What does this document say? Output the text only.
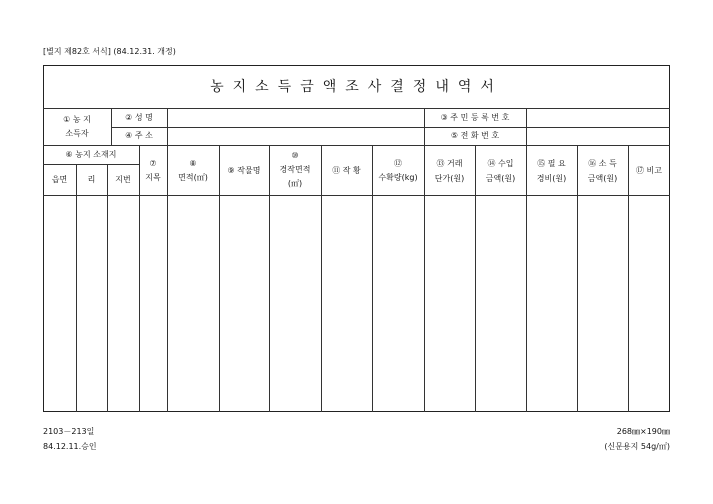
[별지 제82호 서식] (84.12.31. 개정)
농지소득금액조사결정내역서
① 농 지
소득자
② 성 명
④ 주 소
③ 주 민 등 록 번 호
⑤ 전 화 번 호
⑥ 농지 소재지
읍면	리	지번
⑦
지목
⑧
면적(㎡)
⑨ 작물명
⑩
경작면적
(㎡)
⑪ 작 황
⑫
수확량(kg)
⑬ 거래
단가(원)
⑭ 수입
금액(원)
⑮ 필 요
경비(원)
⑯ 소 득
금액(원)
⑰ 비고
2103－213일
84.12.11.승인
268㎜×190㎜
(신문용지 54g/㎡)
